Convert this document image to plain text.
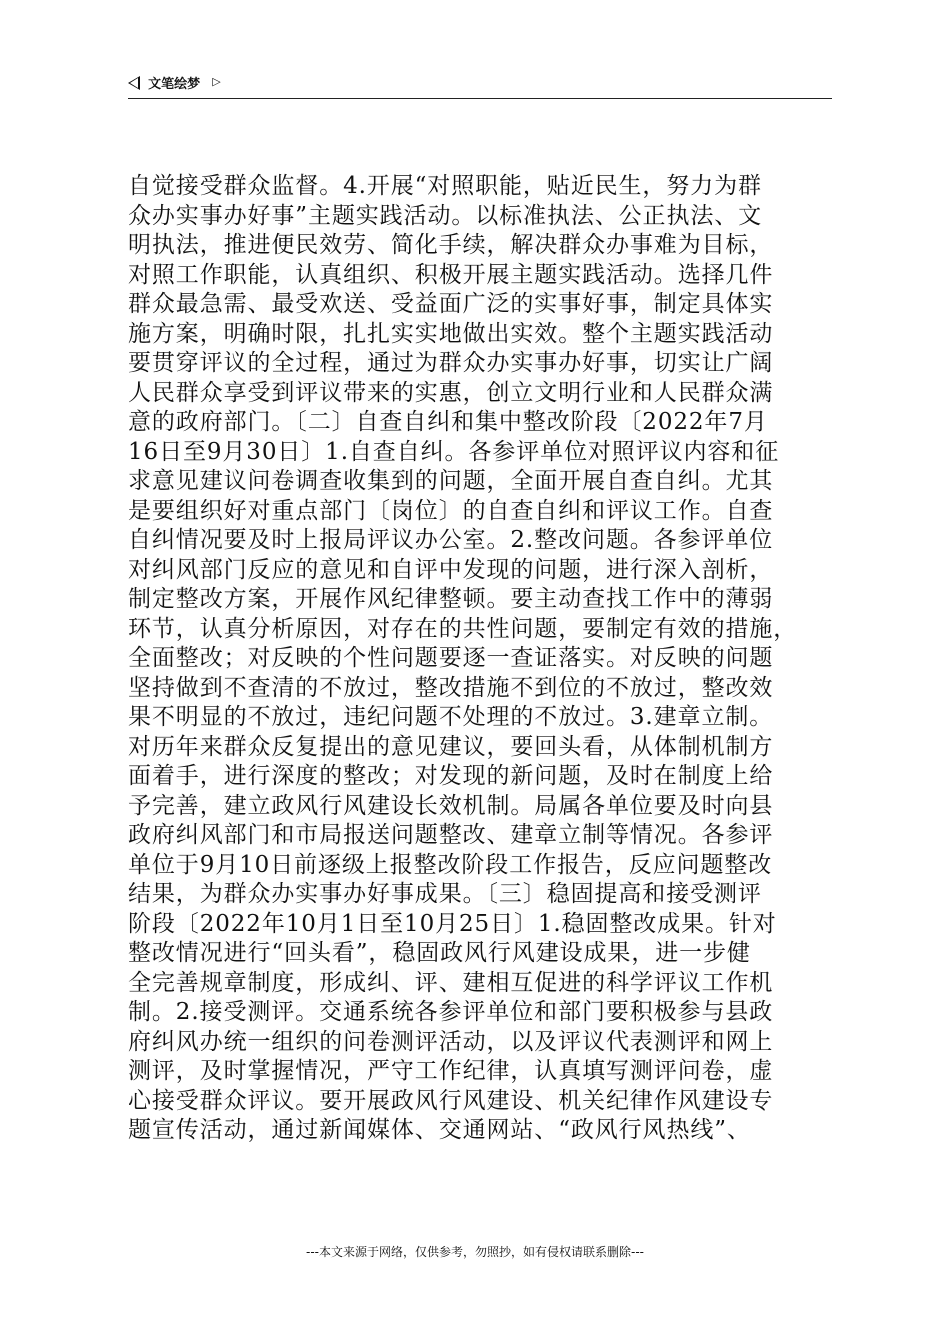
文笔绘梦 ▷

自觉接受群众监督。4.开展“对照职能，贴近民生，努力为群
众办实事办好事”主题实践活动。以标准执法、公正执法、文
明执法，推进便民效劳、简化手续，解决群众办事难为目标，
对照工作职能，认真组织、积极开展主题实践活动。选择几件
群众最急需、最受欢送、受益面广泛的实事好事，制定具体实
施方案，明确时限，扎扎实实地做出实效。整个主题实践活动
要贯穿评议的全过程，通过为群众办实事办好事，切实让广阔
人民群众享受到评议带来的实惠，创立文明行业和人民群众满
意的政府部门。〔二〕自查自纠和集中整改阶段〔2022年7月
16日至9月30日〕1.自查自纠。各参评单位对照评议内容和征
求意见建议问卷调查收集到的问题，全面开展自查自纠。尤其
是要组织好对重点部门〔岗位〕的自查自纠和评议工作。自查
自纠情况要及时上报局评议办公室。2.整改问题。各参评单位
对纠风部门反应的意见和自评中发现的问题，进行深入剖析，
制定整改方案，开展作风纪律整顿。要主动查找工作中的薄弱
环节，认真分析原因，对存在的共性问题，要制定有效的措施，
全面整改；对反映的个性问题要逐一查证落实。对反映的问题
坚持做到不查清的不放过，整改措施不到位的不放过，整改效
果不明显的不放过，违纪问题不处理的不放过。3.建章立制。
对历年来群众反复提出的意见建议，要回头看，从体制机制方
面着手，进行深度的整改；对发现的新问题，及时在制度上给
予完善，建立政风行风建设长效机制。局属各单位要及时向县
政府纠风部门和市局报送问题整改、建章立制等情况。各参评
单位于9月10日前逐级上报整改阶段工作报告，反应问题整改
结果，为群众办实事办好事成果。〔三〕稳固提高和接受测评
阶段〔2022年10月1日至10月25日〕1.稳固整改成果。针对
整改情况进行“回头看”，稳固政风行风建设成果，进一步健
全完善规章制度，形成纠、评、建相互促进的科学评议工作机
制。2.接受测评。交通系统各参评单位和部门要积极参与县政
府纠风办统一组织的问卷测评活动，以及评议代表测评和网上
测评，及时掌握情况，严守工作纪律，认真填写测评问卷，虚
心接受群众评议。要开展政风行风建设、机关纪律作风建设专
题宣传活动，通过新闻媒体、交通网站、“政风行风热线”、

---本文来源于网络，仅供参考，勿照抄，如有侵权请联系删除---
